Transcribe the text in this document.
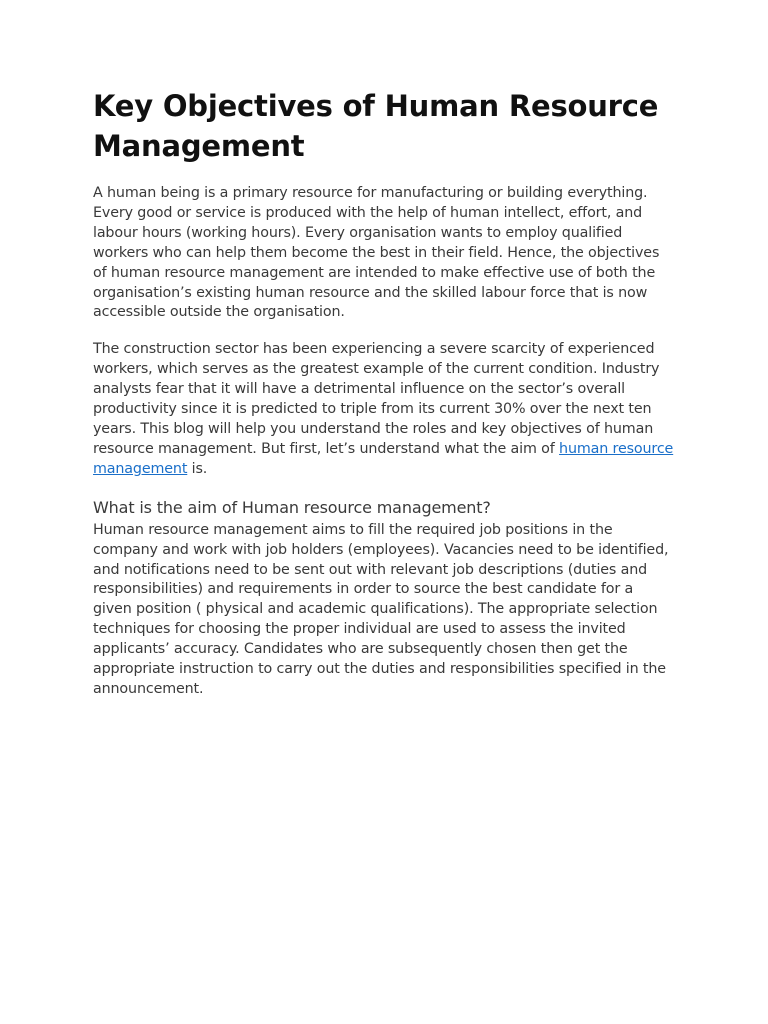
Key Objectives of Human Resource Management

A human being is a primary resource for manufacturing or building everything. Every good or service is produced with the help of human intellect, effort, and labour hours (working hours). Every organisation wants to employ qualified workers who can help them become the best in their field. Hence, the objectives of human resource management are intended to make effective use of both the organisation’s existing human resource and the skilled labour force that is now accessible outside the organisation.

The construction sector has been experiencing a severe scarcity of experienced workers, which serves as the greatest example of the current condition. Industry analysts fear that it will have a detrimental influence on the sector’s overall productivity since it is predicted to triple from its current 30% over the next ten years. This blog will help you understand the roles and key objectives of human resource management. But first, let’s understand what the aim of human resource management is.

What is the aim of Human resource management?

Human resource management aims to fill the required job positions in the company and work with job holders (employees). Vacancies need to be identified, and notifications need to be sent out with relevant job descriptions (duties and responsibilities) and requirements in order to source the best candidate for a given position ( physical and academic qualifications). The appropriate selection techniques for choosing the proper individual are used to assess the invited applicants’ accuracy. Candidates who are subsequently chosen then get the appropriate instruction to carry out the duties and responsibilities specified in the announcement.
